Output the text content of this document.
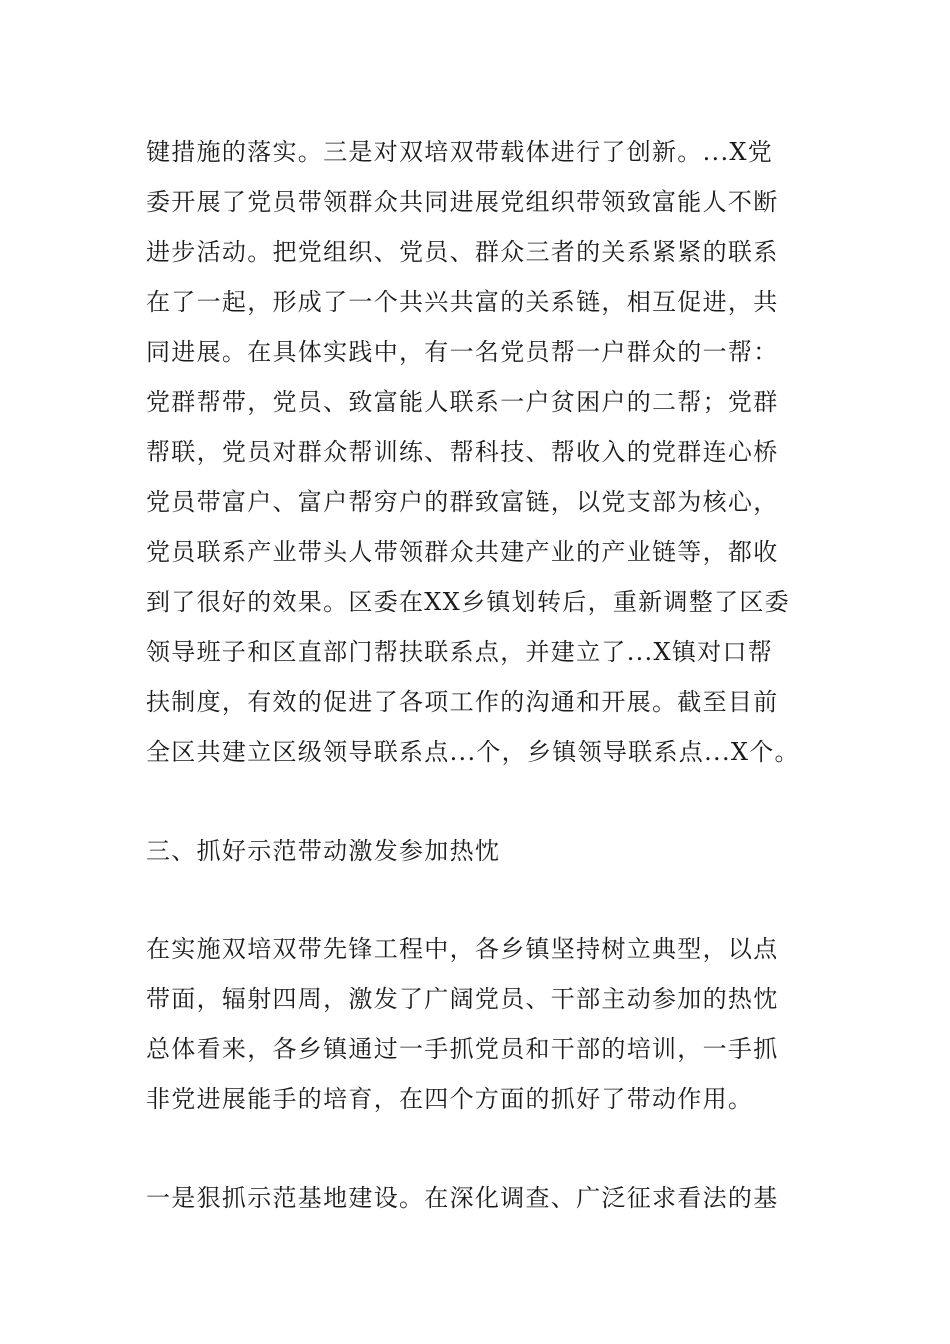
键措施的落实。三是对双培双带载体进行了创新。...X党
委开展了党员带领群众共同进展党组织带领致富能人不断
进步活动。把党组织、党员、群众三者的关系紧紧的联系
在了一起，形成了一个共兴共富的关系链，相互促进，共
同进展。在具体实践中，有一名党员帮一户群众的一帮：
党群帮带，党员、致富能人联系一户贫困户的二帮；党群
帮联，党员对群众帮训练、帮科技、帮收入的党群连心桥
党员带富户、富户帮穷户的群致富链，以党支部为核心，
党员联系产业带头人带领群众共建产业的产业链等，都收
到了很好的效果。区委在XX乡镇划转后，重新调整了区委
领导班子和区直部门帮扶联系点，并建立了...X镇对口帮
扶制度，有效的促进了各项工作的沟通和开展。截至目前
全区共建立区级领导联系点...个，乡镇领导联系点...X个。
三、抓好示范带动激发参加热忱
在实施双培双带先锋工程中，各乡镇坚持树立典型，以点
带面，辐射四周，激发了广阔党员、干部主动参加的热忱
总体看来，各乡镇通过一手抓党员和干部的培训，一手抓
非党进展能手的培育，在四个方面的抓好了带动作用。
一是狠抓示范基地建设。在深化调查、广泛征求看法的基
